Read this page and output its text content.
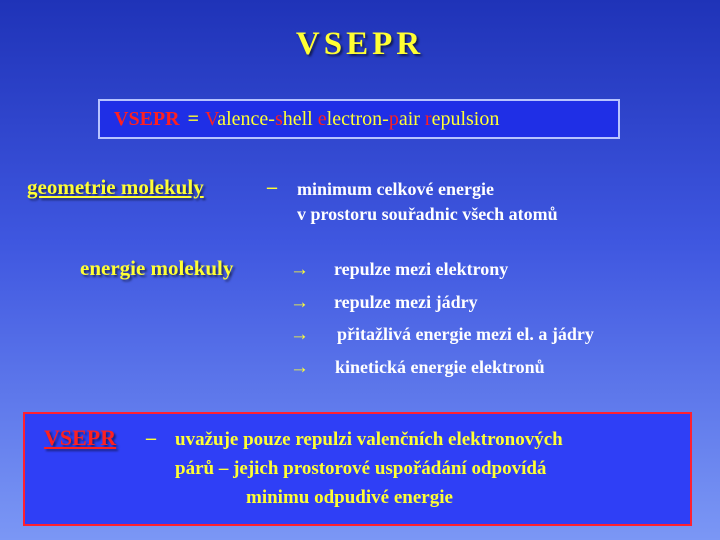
VSEPR
VSEPR = Valence-shell electron-pair repulsion
geometrie molekuly	– minimum celkové energie
v prostoru souřadnic všech atomů
energie molekuly	→ repulze mezi elektrony
→ repulze mezi jádry
→ přitažlivá energie mezi el. a jádry
→ kinetická energie elektronů
VSEPR – uvažuje pouze repulzi valenčních elektronových
párů – jejich prostorové uspořádání odpovídá
minimu odpudivé energie
